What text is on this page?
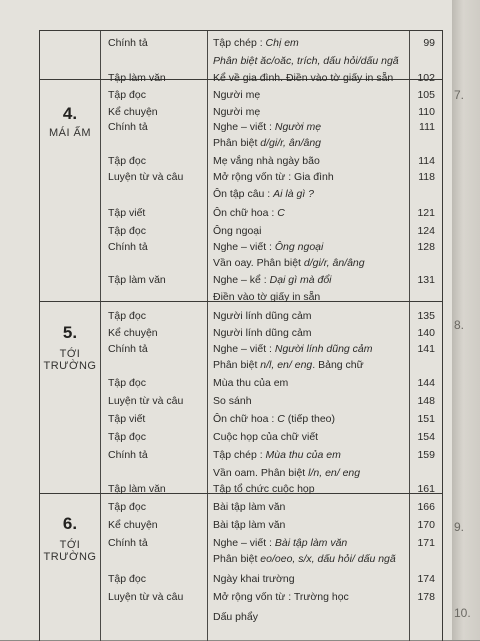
Chính tả	Tập chép : Chị em	99
Phân biệt ăc/oăc, trích, dấu hỏi/dấu ngã
Tập làm văn	Kể về gia đình. Điền vào tờ giấy in sẵn	102
4.
MÁI ẤM
Tập đọc	Người mẹ	105
Kể chuyện	Người mẹ	110
Chính tả	Nghe – viết : Người mẹ	111
Phân biệt d/gi/r, ân/âng
Tập đọc	Mẹ vắng nhà ngày bão	114
Luyện từ và câu	Mở rộng vốn từ : Gia đình	118
Ôn tập câu : Ai là gì ?
Tập viết	Ôn chữ hoa : C	121
Tập đọc	Ông ngoại	124
Chính tả	Nghe – viết : Ông ngoại	128
Vần oay. Phân biệt d/gi/r, ân/âng
Tập làm văn	Nghe – kể : Dại gì mà đổi	131
Điền vào tờ giấy in sẵn
5.
TỚI TRƯỜNG
Tập đọc	Người lính dũng cảm	135
Kể chuyện	Người lính dũng cảm	140
Chính tả	Nghe – viết : Người lính dũng cảm	141
Phân biệt n/l, en/ eng. Bảng chữ
Tập đọc	Mùa thu của em	144
Luyện từ và câu	So sánh	148
Tập viết	Ôn chữ hoa : C (tiếp theo)	151
Tập đọc	Cuộc họp của chữ viết	154
Chính tả	Tập chép : Mùa thu của em	159
Vần oam. Phân biệt l/n, en/ eng
Tập làm văn	Tập tổ chức cuộc họp	161
6.
TỚI TRƯỜNG
Tập đọc	Bài tập làm văn	166
Kể chuyện	Bài tập làm văn	170
Chính tả	Nghe – viết : Bài tập làm văn	171
Phân biệt eo/oeo, s/x, dấu hỏi/ dấu ngã
Tập đọc	Ngày khai trường	174
Luyện từ và câu	Mở rộng vốn từ : Trường học	178
Dấu phẩy
7.
8.
9.
10.
